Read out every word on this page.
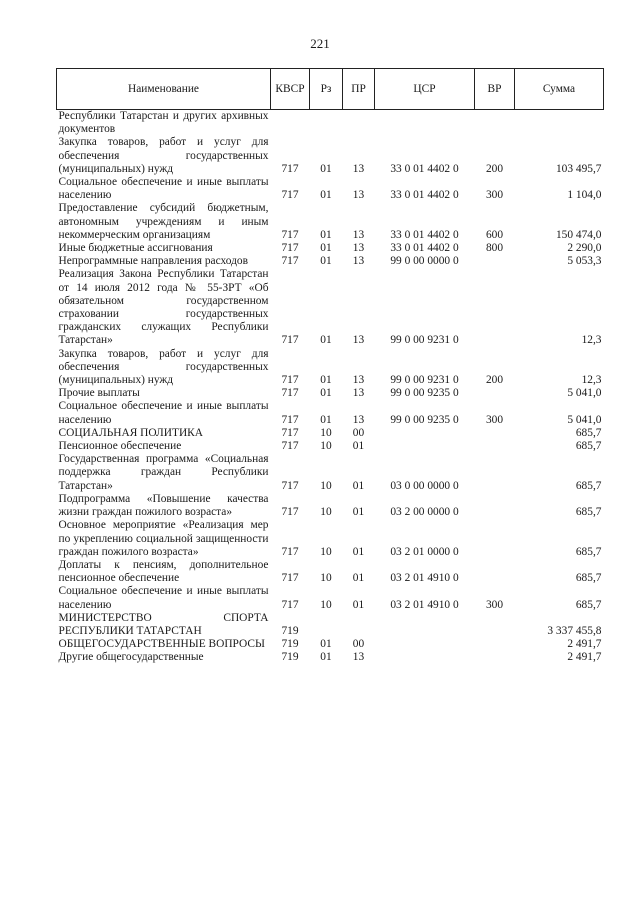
221
Наименование	КВСР	Рз	ПР	ЦСР	ВР	Сумма
Республики Татарстан и других архивных документов						
Закупка товаров, работ и услуг для обеспечения государственных (муниципальных) нужд	717	01	13	33 0 01 4402 0	200	103 495,7
Социальное обеспечение и иные выплаты населению	717	01	13	33 0 01 4402 0	300	1 104,0
Предоставление субсидий бюджетным, автономным учреждениям и иным некоммерческим организациям	717	01	13	33 0 01 4402 0	600	150 474,0
Иные бюджетные ассигнования	717	01	13	33 0 01 4402 0	800	2 290,0
Непрограммные направления расходов	717	01	13	99 0 00 0000 0		5 053,3
Реализация Закона Республики Татарстан от 14 июля 2012 года № 55-ЗРТ «Об обязательном государственном страховании государственных гражданских служащих Республики Татарстан»	717	01	13	99 0 00 9231 0		12,3
Закупка товаров, работ и услуг для обеспечения государственных (муниципальных) нужд	717	01	13	99 0 00 9231 0	200	12,3
Прочие выплаты	717	01	13	99 0 00 9235 0		5 041,0
Социальное обеспечение и иные выплаты населению	717	01	13	99 0 00 9235 0	300	5 041,0
СОЦИАЛЬНАЯ ПОЛИТИКА	717	10	00			685,7
Пенсионное обеспечение	717	10	01			685,7
Государственная программа «Социальная поддержка граждан Республики Татарстан»	717	10	01	03 0 00 0000 0		685,7
Подпрограмма «Повышение качества жизни граждан пожилого возраста»	717	10	01	03 2 00 0000 0		685,7
Основное мероприятие «Реализация мер по укреплению социальной защищенности граждан пожилого возраста»	717	10	01	03 2 01 0000 0		685,7
Доплаты к пенсиям, дополнительное пенсионное обеспечение	717	10	01	03 2 01 4910 0		685,7
Социальное обеспечение и иные выплаты населению	717	10	01	03 2 01 4910 0	300	685,7
МИНИСТЕРСТВО СПОРТА РЕСПУБЛИКИ ТАТАРСТАН	719					3 337 455,8
ОБЩЕГОСУДАРСТВЕННЫЕ ВОПРОСЫ	719	01	00			2 491,7
Другие общегосударственные	719	01	13			2 491,7
